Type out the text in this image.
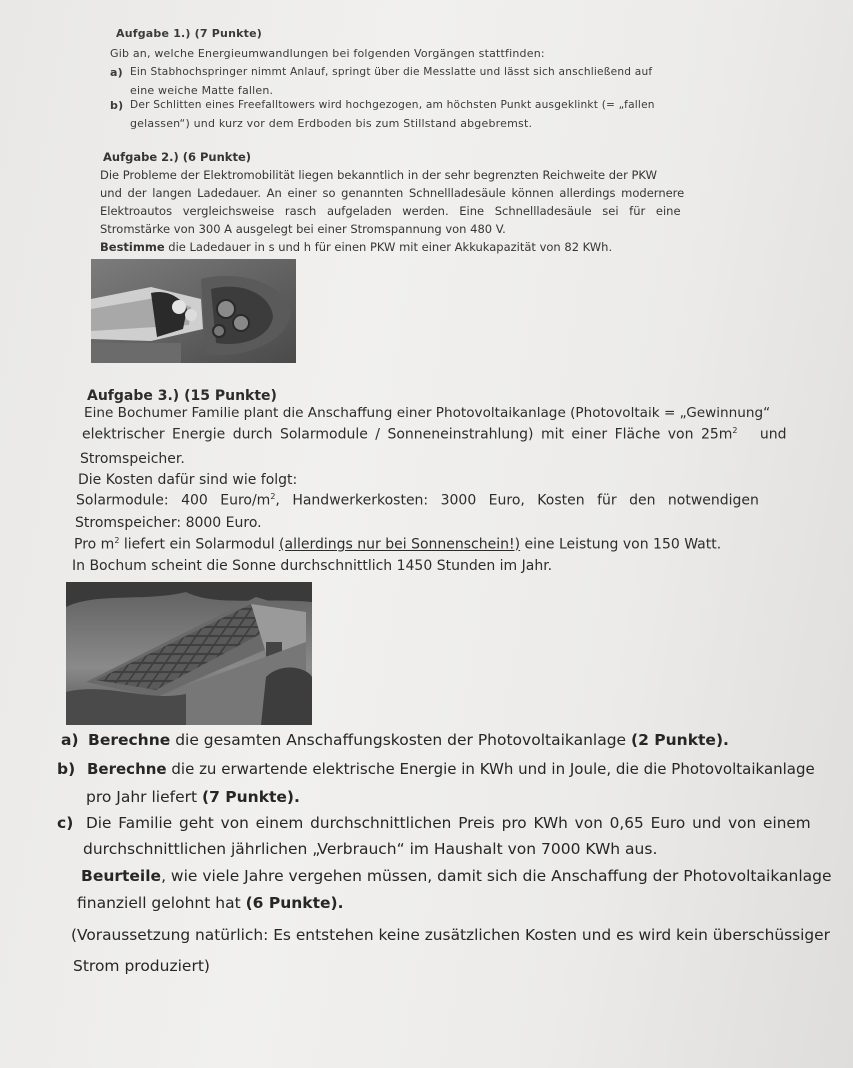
Aufgabe 1.) (7 Punkte)
Gib an, welche Energieumwandlungen bei folgenden Vorgängen stattfinden:
a) Ein Stabhochspringer nimmt Anlauf, springt über die Messlatte und lässt sich anschließend auf
eine weiche Matte fallen.
b) Der Schlitten eines Freefalltowers wird hochgezogen, am höchsten Punkt ausgeklinkt (= „fallen
gelassen“) und kurz vor dem Erdboden bis zum Stillstand abgebremst.
Aufgabe 2.) (6 Punkte)
Die Probleme der Elektromobilität liegen bekanntlich in der sehr begrenzten Reichweite der PKW
und der langen Ladedauer. An einer so genannten Schnellladesäule können allerdings modernere
Elektroautos vergleichsweise rasch aufgeladen werden. Eine Schnellladesäule sei für eine
Stromstärke von 300 A ausgelegt bei einer Stromspannung von 480 V.
Bestimme die Ladedauer in s und h für einen PKW mit einer Akkukapazität von 82 KWh.
Aufgabe 3.) (15 Punkte)
Eine Bochumer Familie plant die Anschaffung einer Photovoltaikanlage (Photovoltaik = „Gewinnung“
elektrischer Energie durch Solarmodule / Sonneneinstrahlung) mit einer Fläche von $25m^2$ und
Stromspeicher.
Die Kosten dafür sind wie folgt:
Solarmodule: 400 Euro/$m^2$, Handwerkerkosten: 3000 Euro, Kosten für den notwendigen
Stromspeicher: 8000 Euro.
Pro $m^2$ liefert ein Solarmodul (allerdings nur bei Sonnenschein!) eine Leistung von 150 Watt.
In Bochum scheint die Sonne durchschnittlich 1450 Stunden im Jahr.
a) Berechne die gesamten Anschaffungskosten der Photovoltaikanlage (2 Punkte).
b) Berechne die zu erwartende elektrische Energie in KWh und in Joule, die die Photovoltaikanlage
pro Jahr liefert (7 Punkte).
c) Die Familie geht von einem durchschnittlichen Preis pro KWh von 0,65 Euro und von einem
durchschnittlichen jährlichen „Verbrauch“ im Haushalt von 7000 KWh aus.
Beurteile, wie viele Jahre vergehen müssen, damit sich die Anschaffung der Photovoltaikanlage
finanziell gelohnt hat (6 Punkte).
(Voraussetzung natürlich: Es entstehen keine zusätzlichen Kosten und es wird kein überschüssiger
Strom produziert)
